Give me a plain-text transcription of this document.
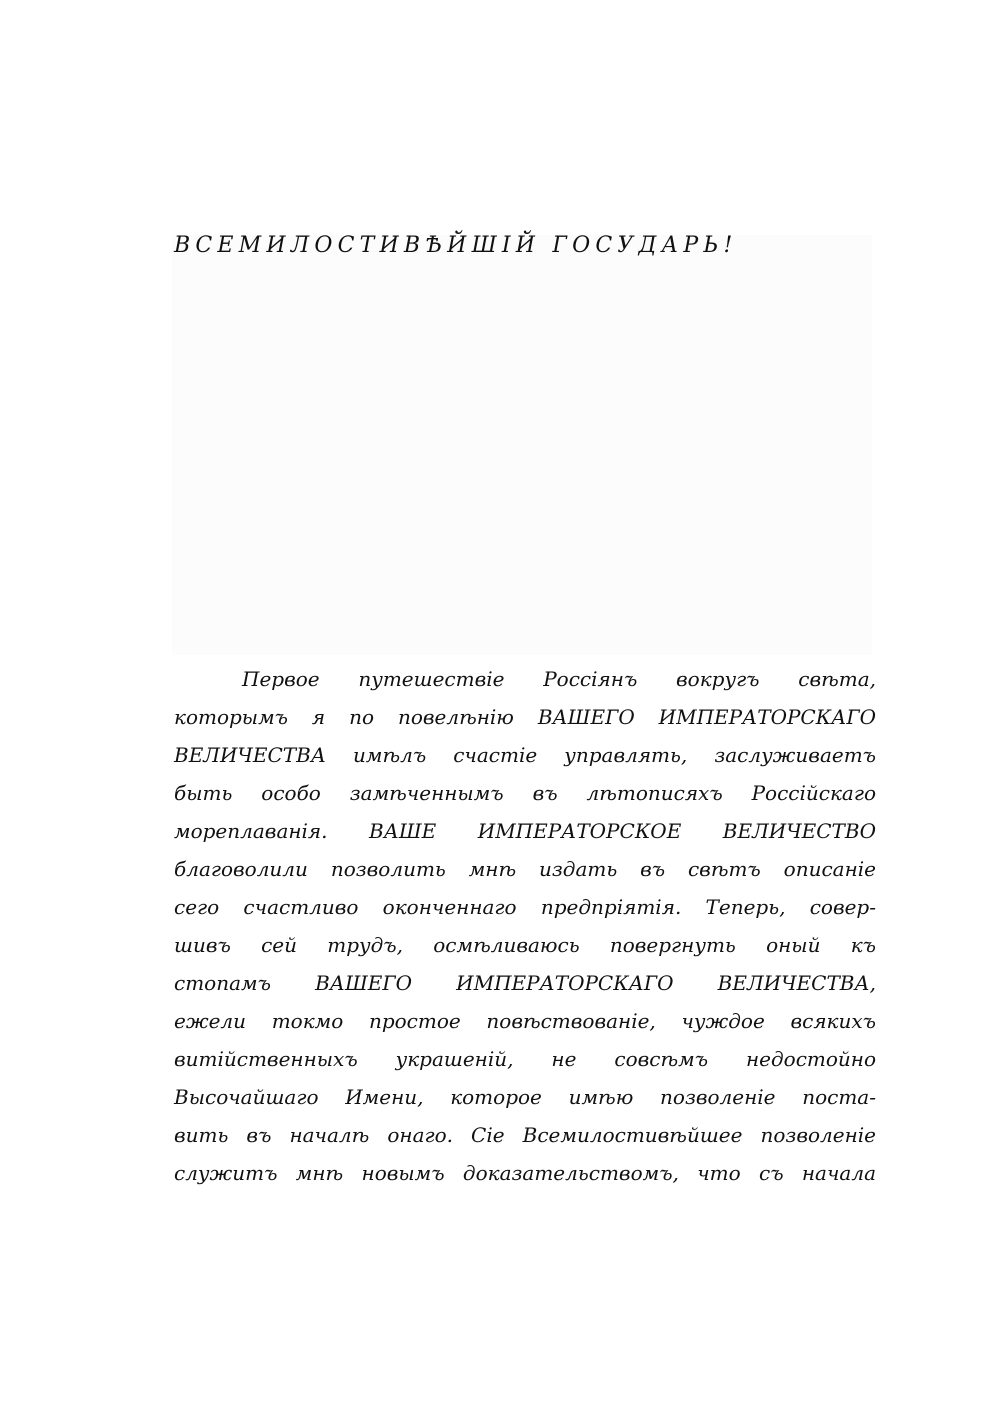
ВСЕМИЛОСТИВѢЙШІЙ ГОСУДАРЬ!
Первое путешествіе Россіянъ вокругъ свѣта,
которымъ я по повелѣнію ВАШЕГО ИМПЕРАТОРСКАГО
ВЕЛИЧЕСТВА имѣлъ счастіе управлять, заслуживаетъ
быть особо замѣченнымъ въ лѣтописяхъ Россійскаго
мореплаванія. ВАШЕ ИМПЕРАТОРСКОЕ ВЕЛИЧЕСТВО
благоволили позволить мнѣ издать въ свѣтъ описаніе
сего счастливо оконченнаго предпріятія. Теперь, совер-
шивъ сей трудъ, осмѣливаюсь повергнуть оный къ
стопамъ ВАШЕГО ИМПЕРАТОРСКАГО ВЕЛИЧЕСТВА,
ежели токмо простое повѣствованіе, чуждое всякихъ
витійственныхъ украшеній, не совсѣмъ недостойно
Высочайшаго Имени, которое имѣю позволеніе поста-
вить въ началѣ онаго. Сіе Всемилостивѣйшее позволеніе
служитъ мнѣ новымъ доказательствомъ, что съ начала
